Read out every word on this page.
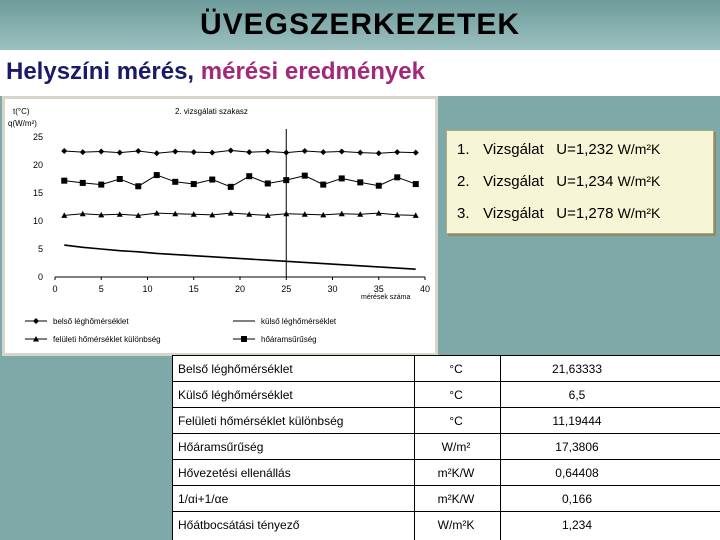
ÜVEGSZERKEZETEK
Helyszíni mérés, mérési eredmények
t(°C)
q(W/m²)
2. vizsgálati szakasz
mérések száma
0
5
10
15
20
25
0	5	10	15	20	25	30	35	40
belső léghőmérséklet	külső léghőmérséklet
felületi hőmérséklet különbség	hőáramsűrűség
1. Vizsgálat U=1,232 W/m²K
2. Vizsgálat U=1,234 W/m²K
3. Vizsgálat U=1,278 W/m²K
Belső léghőmérséklet	°C	21,63333
Külső léghőmérséklet	°C	6,5
Felületi hőmérséklet különbség	°C	11,19444
Hőáramsűrűség	W/m²	17,3806
Hővezetési ellenállás	m²K/W	0,64408
1/αi+1/αe	m²K/W	0,166
Hőátbocsátási tényező	W/m²K	1,234
